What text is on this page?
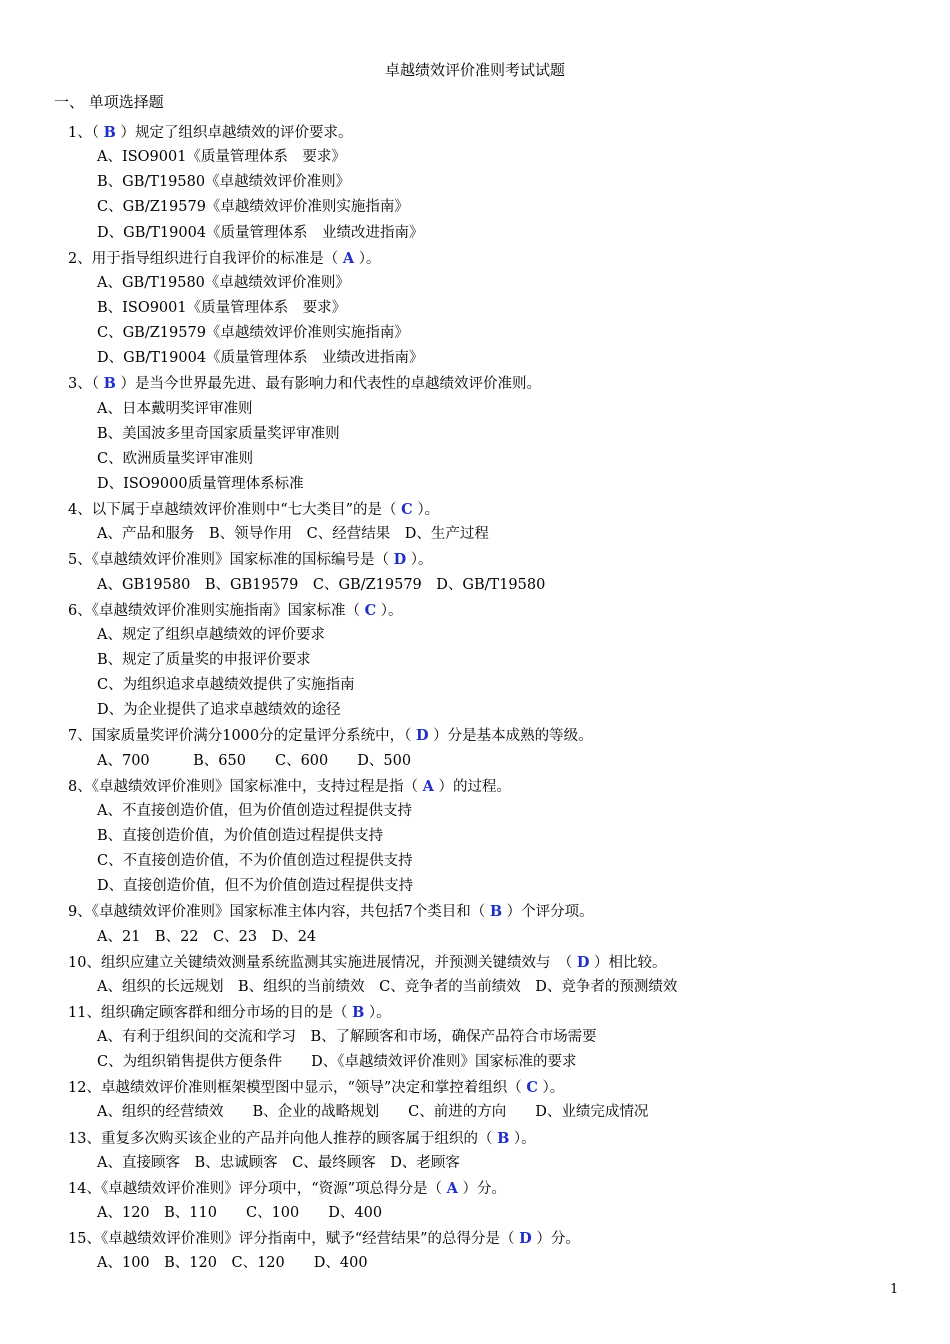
卓越绩效评价准则考试试题
一、 单项选择题
1、（ B ）规定了组织卓越绩效的评价要求。
A、ISO9001《质量管理体系　要求》
B、GB/T19580《卓越绩效评价准则》
C、GB/Z19579《卓越绩效评价准则实施指南》
D、GB/T19004《质量管理体系　业绩改进指南》
2、用于指导组织进行自我评价的标准是（ A ）。
A、GB/T19580《卓越绩效评价准则》
B、ISO9001《质量管理体系　要求》
C、GB/Z19579《卓越绩效评价准则实施指南》
D、GB/T19004《质量管理体系　业绩改进指南》
3、（ B ）是当今世界最先进、最有影响力和代表性的卓越绩效评价准则。
A、日本戴明奖评审准则
B、美国波多里奇国家质量奖评审准则
C、欧洲质量奖评审准则
D、ISO9000质量管理体系标准
4、以下属于卓越绩效评价准则中“七大类目”的是（ C ）。
A、产品和服务　B、领导作用　C、经营结果　D、生产过程
5、《卓越绩效评价准则》国家标准的国标编号是（ D ）。
A、GB19580　B、GB19579　C、GB/Z19579　D、GB/T19580
6、《卓越绩效评价准则实施指南》国家标准（ C ）。
A、规定了组织卓越绩效的评价要求
B、规定了质量奖的申报评价要求
C、为组织追求卓越绩效提供了实施指南
D、为企业提供了追求卓越绩效的途径
7、国家质量奖评价满分1000分的定量评分系统中，（ D ）分是基本成熟的等级。
A、700　　　B、650　　C、600　　D、500
8、《卓越绩效评价准则》国家标准中，支持过程是指（ A ）的过程。
A、不直接创造价值，但为价值创造过程提供支持
B、直接创造价值，为价值创造过程提供支持
C、不直接创造价值，不为价值创造过程提供支持
D、直接创造价值，但不为价值创造过程提供支持
9、《卓越绩效评价准则》国家标准主体内容，共包括7个类目和（ B ）个评分项。
A、21　B、22　C、23　D、24
10、组织应建立关键绩效测量系统监测其实施进展情况，并预测关键绩效与　（ D ）相比较。
A、组织的长远规划　B、组织的当前绩效　C、竞争者的当前绩效　D、竞争者的预测绩效
11、组织确定顾客群和细分市场的目的是（ B ）。
A、有利于组织间的交流和学习　B、了解顾客和市场，确保产品符合市场需要
C、为组织销售提供方便条件　　D、《卓越绩效评价准则》国家标准的要求
12、卓越绩效评价准则框架模型图中显示，“领导”决定和掌控着组织（ C ）。
A、组织的经营绩效　　B、企业的战略规划　　C、前进的方向　　D、业绩完成情况
13、重复多次购买该企业的产品并向他人推荐的顾客属于组织的（ B ）。
A、直接顾客　B、忠诚顾客　C、最终顾客　D、老顾客
14、《卓越绩效评价准则》评分项中，“资源”项总得分是（ A ）分。
A、120　B、110　　C、100　　D、400
15、《卓越绩效评价准则》评分指南中，赋予“经营结果”的总得分是（ D ）分。
A、100　B、120　C、120　　D、400
1
